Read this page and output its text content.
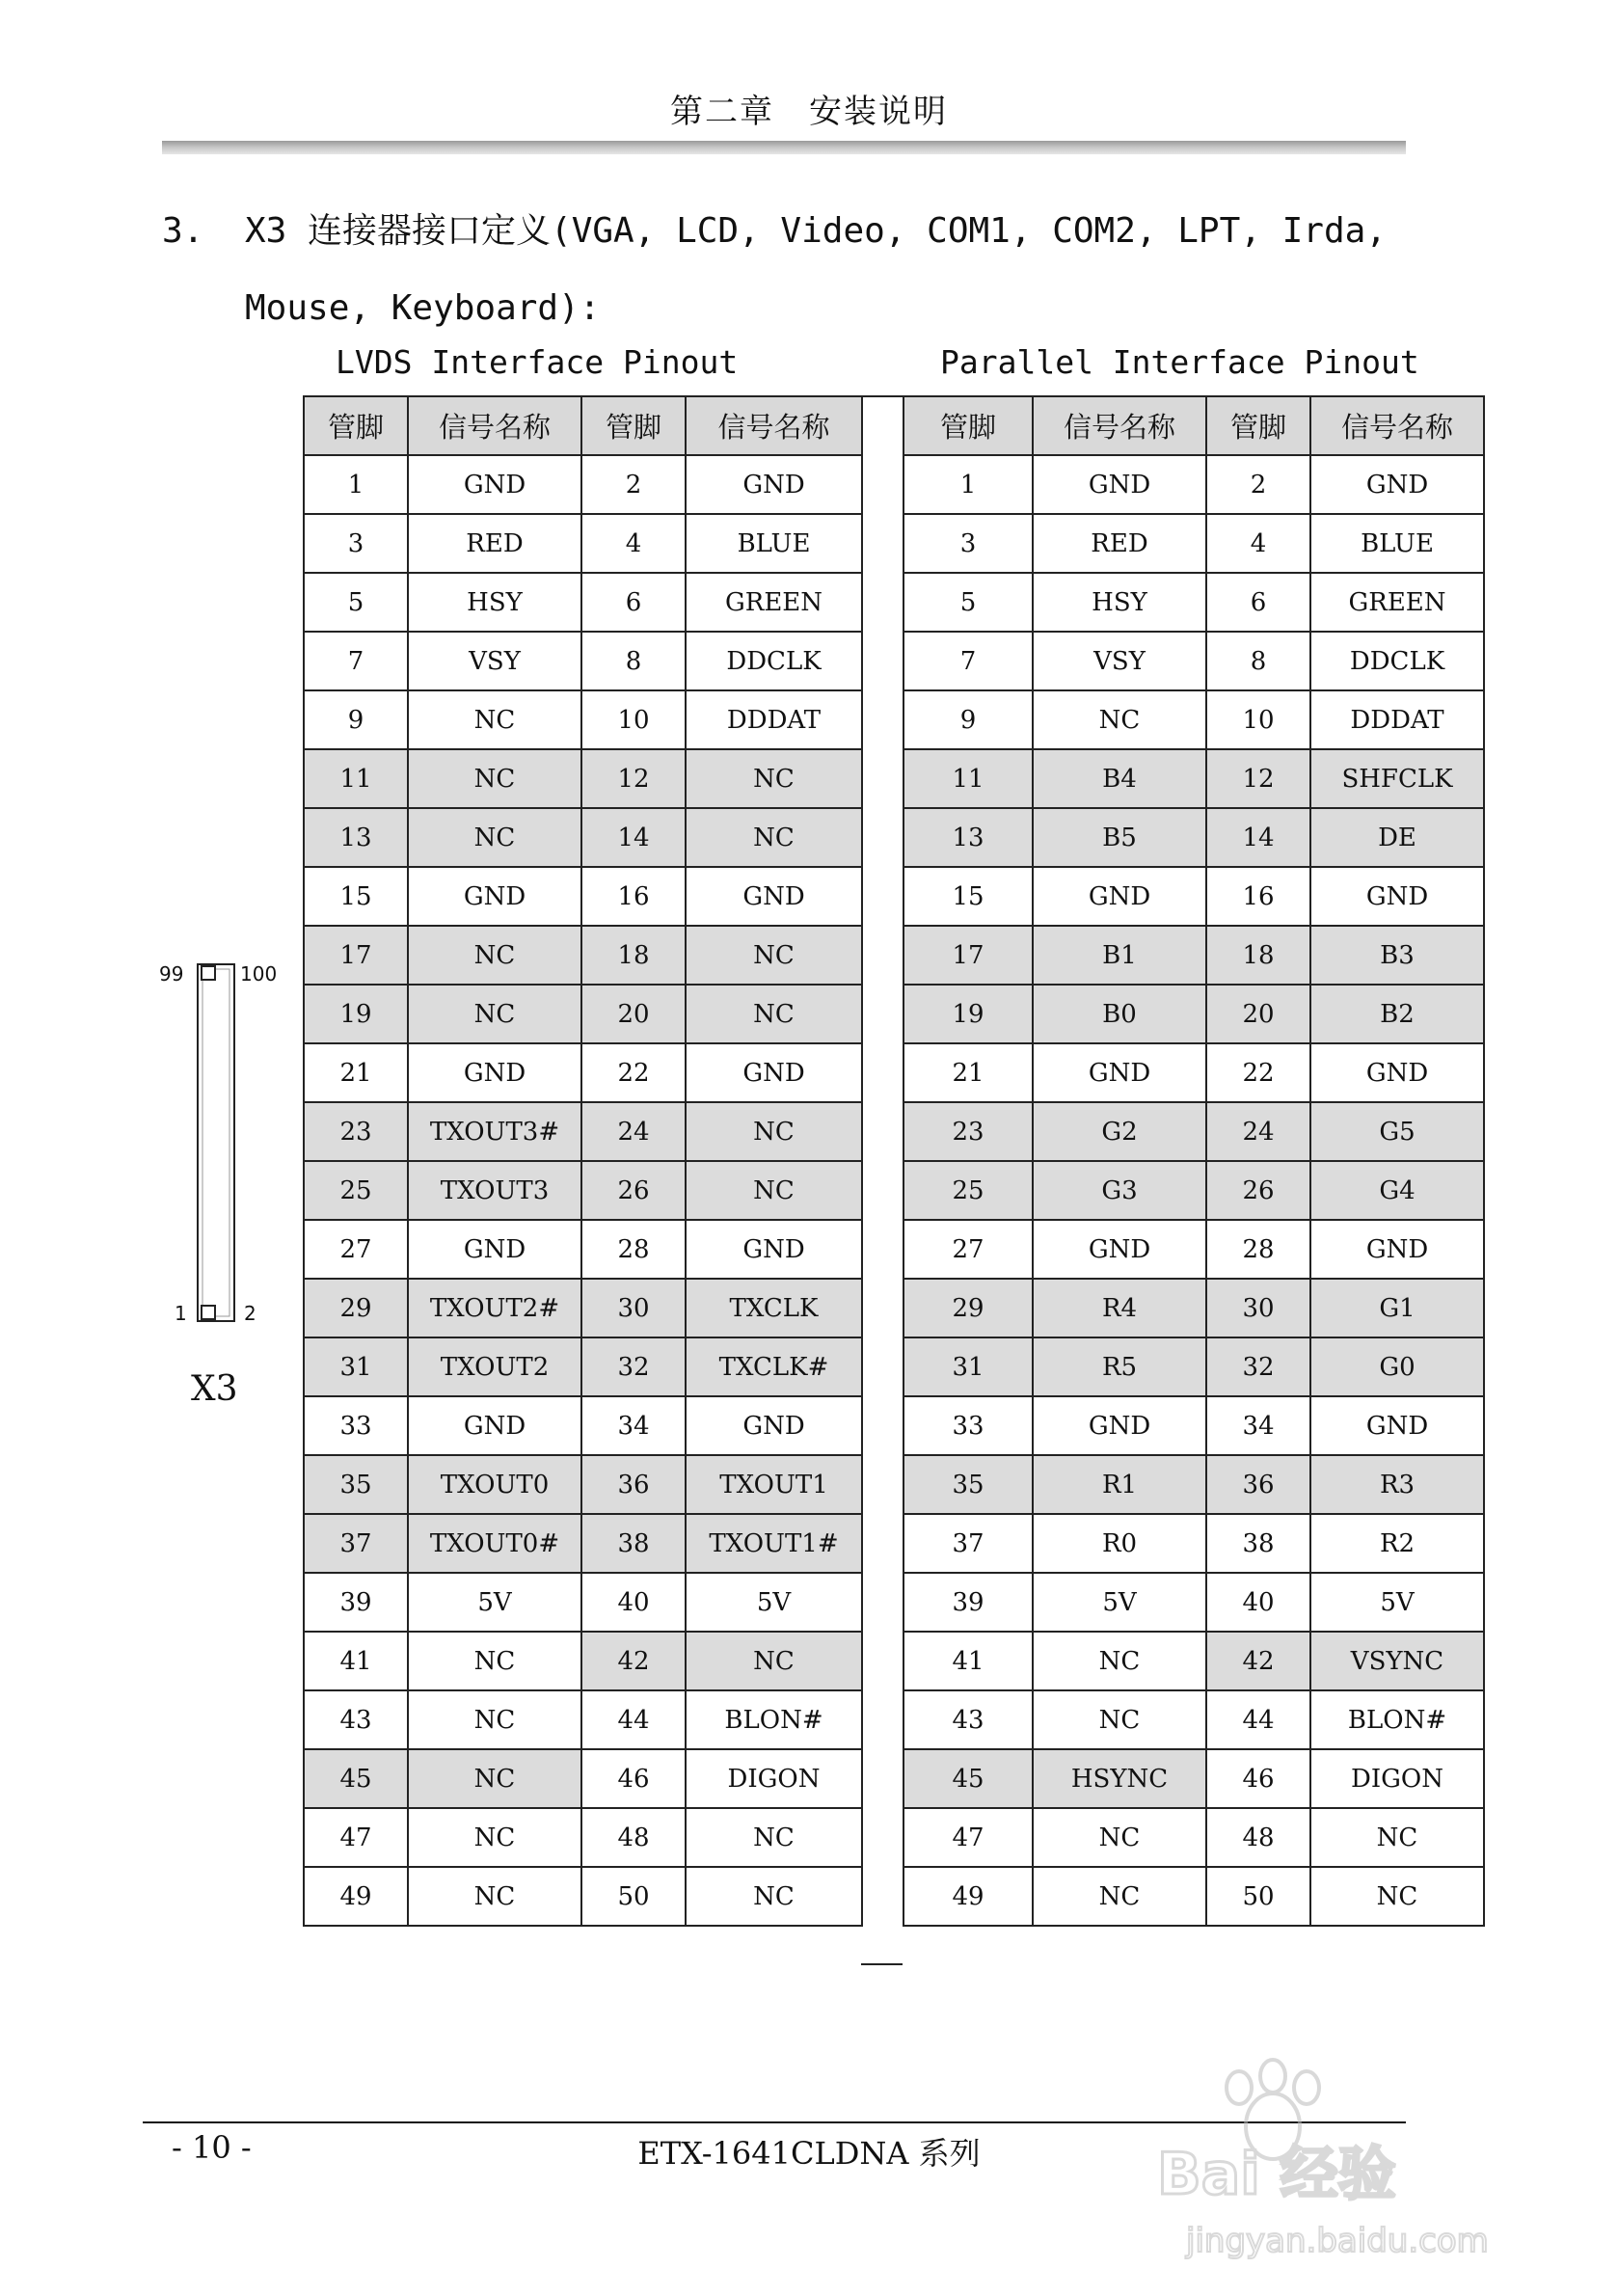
第二章　安装说明
3. X3 连接器接口定义(VGA, LCD, Video, COM1, COM2, LPT, Irda,
Mouse, Keyboard):
LVDS Interface Pinout	Parallel Interface Pinout
管脚	信号名称	管脚	信号名称
1	GND	2	GND
3	RED	4	BLUE
5	HSY	6	GREEN
7	VSY	8	DDCLK
9	NC	10	DDDAT
11	NC	12	NC
13	NC	14	NC
15	GND	16	GND
17	NC	18	NC
19	NC	20	NC
21	GND	22	GND
23	TXOUT3#	24	NC
25	TXOUT3	26	NC
27	GND	28	GND
29	TXOUT2#	30	TXCLK
31	TXOUT2	32	TXCLK#
33	GND	34	GND
35	TXOUT0	36	TXOUT1
37	TXOUT0#	38	TXOUT1#
39	5V	40	5V
41	NC	42	NC
43	NC	44	BLON#
45	NC	46	DIGON
47	NC	48	NC
49	NC	50	NC
管脚	信号名称	管脚	信号名称
1	GND	2	GND
3	RED	4	BLUE
5	HSY	6	GREEN
7	VSY	8	DDCLK
9	NC	10	DDDAT
11	B4	12	SHFCLK
13	B5	14	DE
15	GND	16	GND
17	B1	18	B3
19	B0	20	B2
21	GND	22	GND
23	G2	24	G5
25	G3	26	G4
27	GND	28	GND
29	R4	30	G1
31	R5	32	G0
33	GND	34	GND
35	R1	36	R3
37	R0	38	R2
39	5V	40	5V
41	NC	42	VSYNC
43	NC	44	BLON#
45	HSYNC	46	DIGON
47	NC	48	NC
49	NC	50	NC
99	100
1	2
X3
- 10 -	ETX-1641CLDNA 系列	Bai 经验
jingyan.baidu.com
